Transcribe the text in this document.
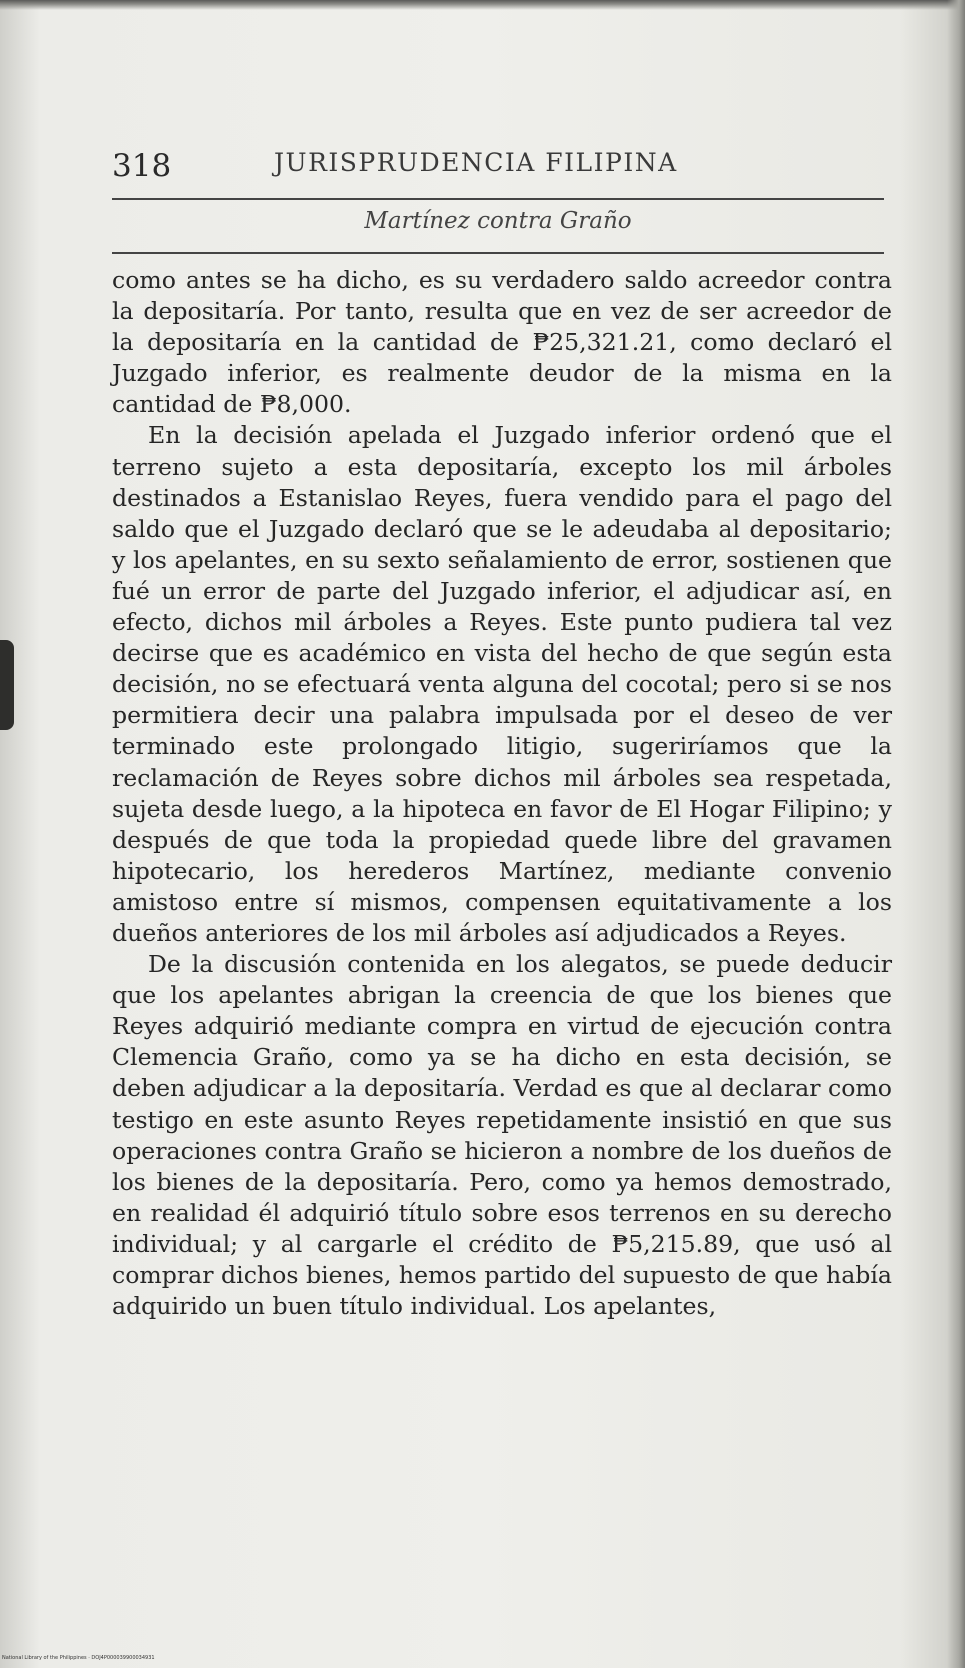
318	JURISPRUDENCIA FILIPINA
Martínez contra Graño

como antes se ha dicho, es su verdadero saldo acreedor contra la depositaría. Por tanto, resulta que en vez de ser acreedor de la depositaría en la cantidad de ₱25,321.21, como declaró el Juzgado inferior, es realmente deudor de la misma en la cantidad de ₱8,000.

En la decisión apelada el Juzgado inferior ordenó que el terreno sujeto a esta depositaría, excepto los mil árboles destinados a Estanislao Reyes, fuera vendido para el pago del saldo que el Juzgado declaró que se le adeudaba al depositario; y los apelantes, en su sexto señalamiento de error, sostienen que fué un error de parte del Juzgado inferior, el adjudicar así, en efecto, dichos mil árboles a Reyes. Este punto pudiera tal vez decirse que es académico en vista del hecho de que según esta decisión, no se efectuará venta alguna del cocotal; pero si se nos permitiera decir una palabra impulsada por el deseo de ver terminado este prolongado litigio, sugeriríamos que la reclamación de Reyes sobre dichos mil árboles sea respetada, sujeta desde luego, a la hipoteca en favor de El Hogar Filipino; y después de que toda la propiedad quede libre del gravamen hipotecario, los herederos Martínez, mediante convenio amistoso entre sí mismos, compensen equitativamente a los dueños anteriores de los mil árboles así adjudicados a Reyes.

De la discusión contenida en los alegatos, se puede deducir que los apelantes abrigan la creencia de que los bienes que Reyes adquirió mediante compra en virtud de ejecución contra Clemencia Graño, como ya se ha dicho en esta decisión, se deben adjudicar a la depositaría. Verdad es que al declarar como testigo en este asunto Reyes repetidamente insistió en que sus operaciones contra Graño se hicieron a nombre de los dueños de los bienes de la depositaría. Pero, como ya hemos demostrado, en realidad él adquirió título sobre esos terrenos en su derecho individual; y al cargarle el crédito de ₱5,215.89, que usó al comprar dichos bienes, hemos partido del supuesto de que había adquirido un buen título individual. Los apelantes,

National Library of the Philippines · DOJ4P000039900034931
